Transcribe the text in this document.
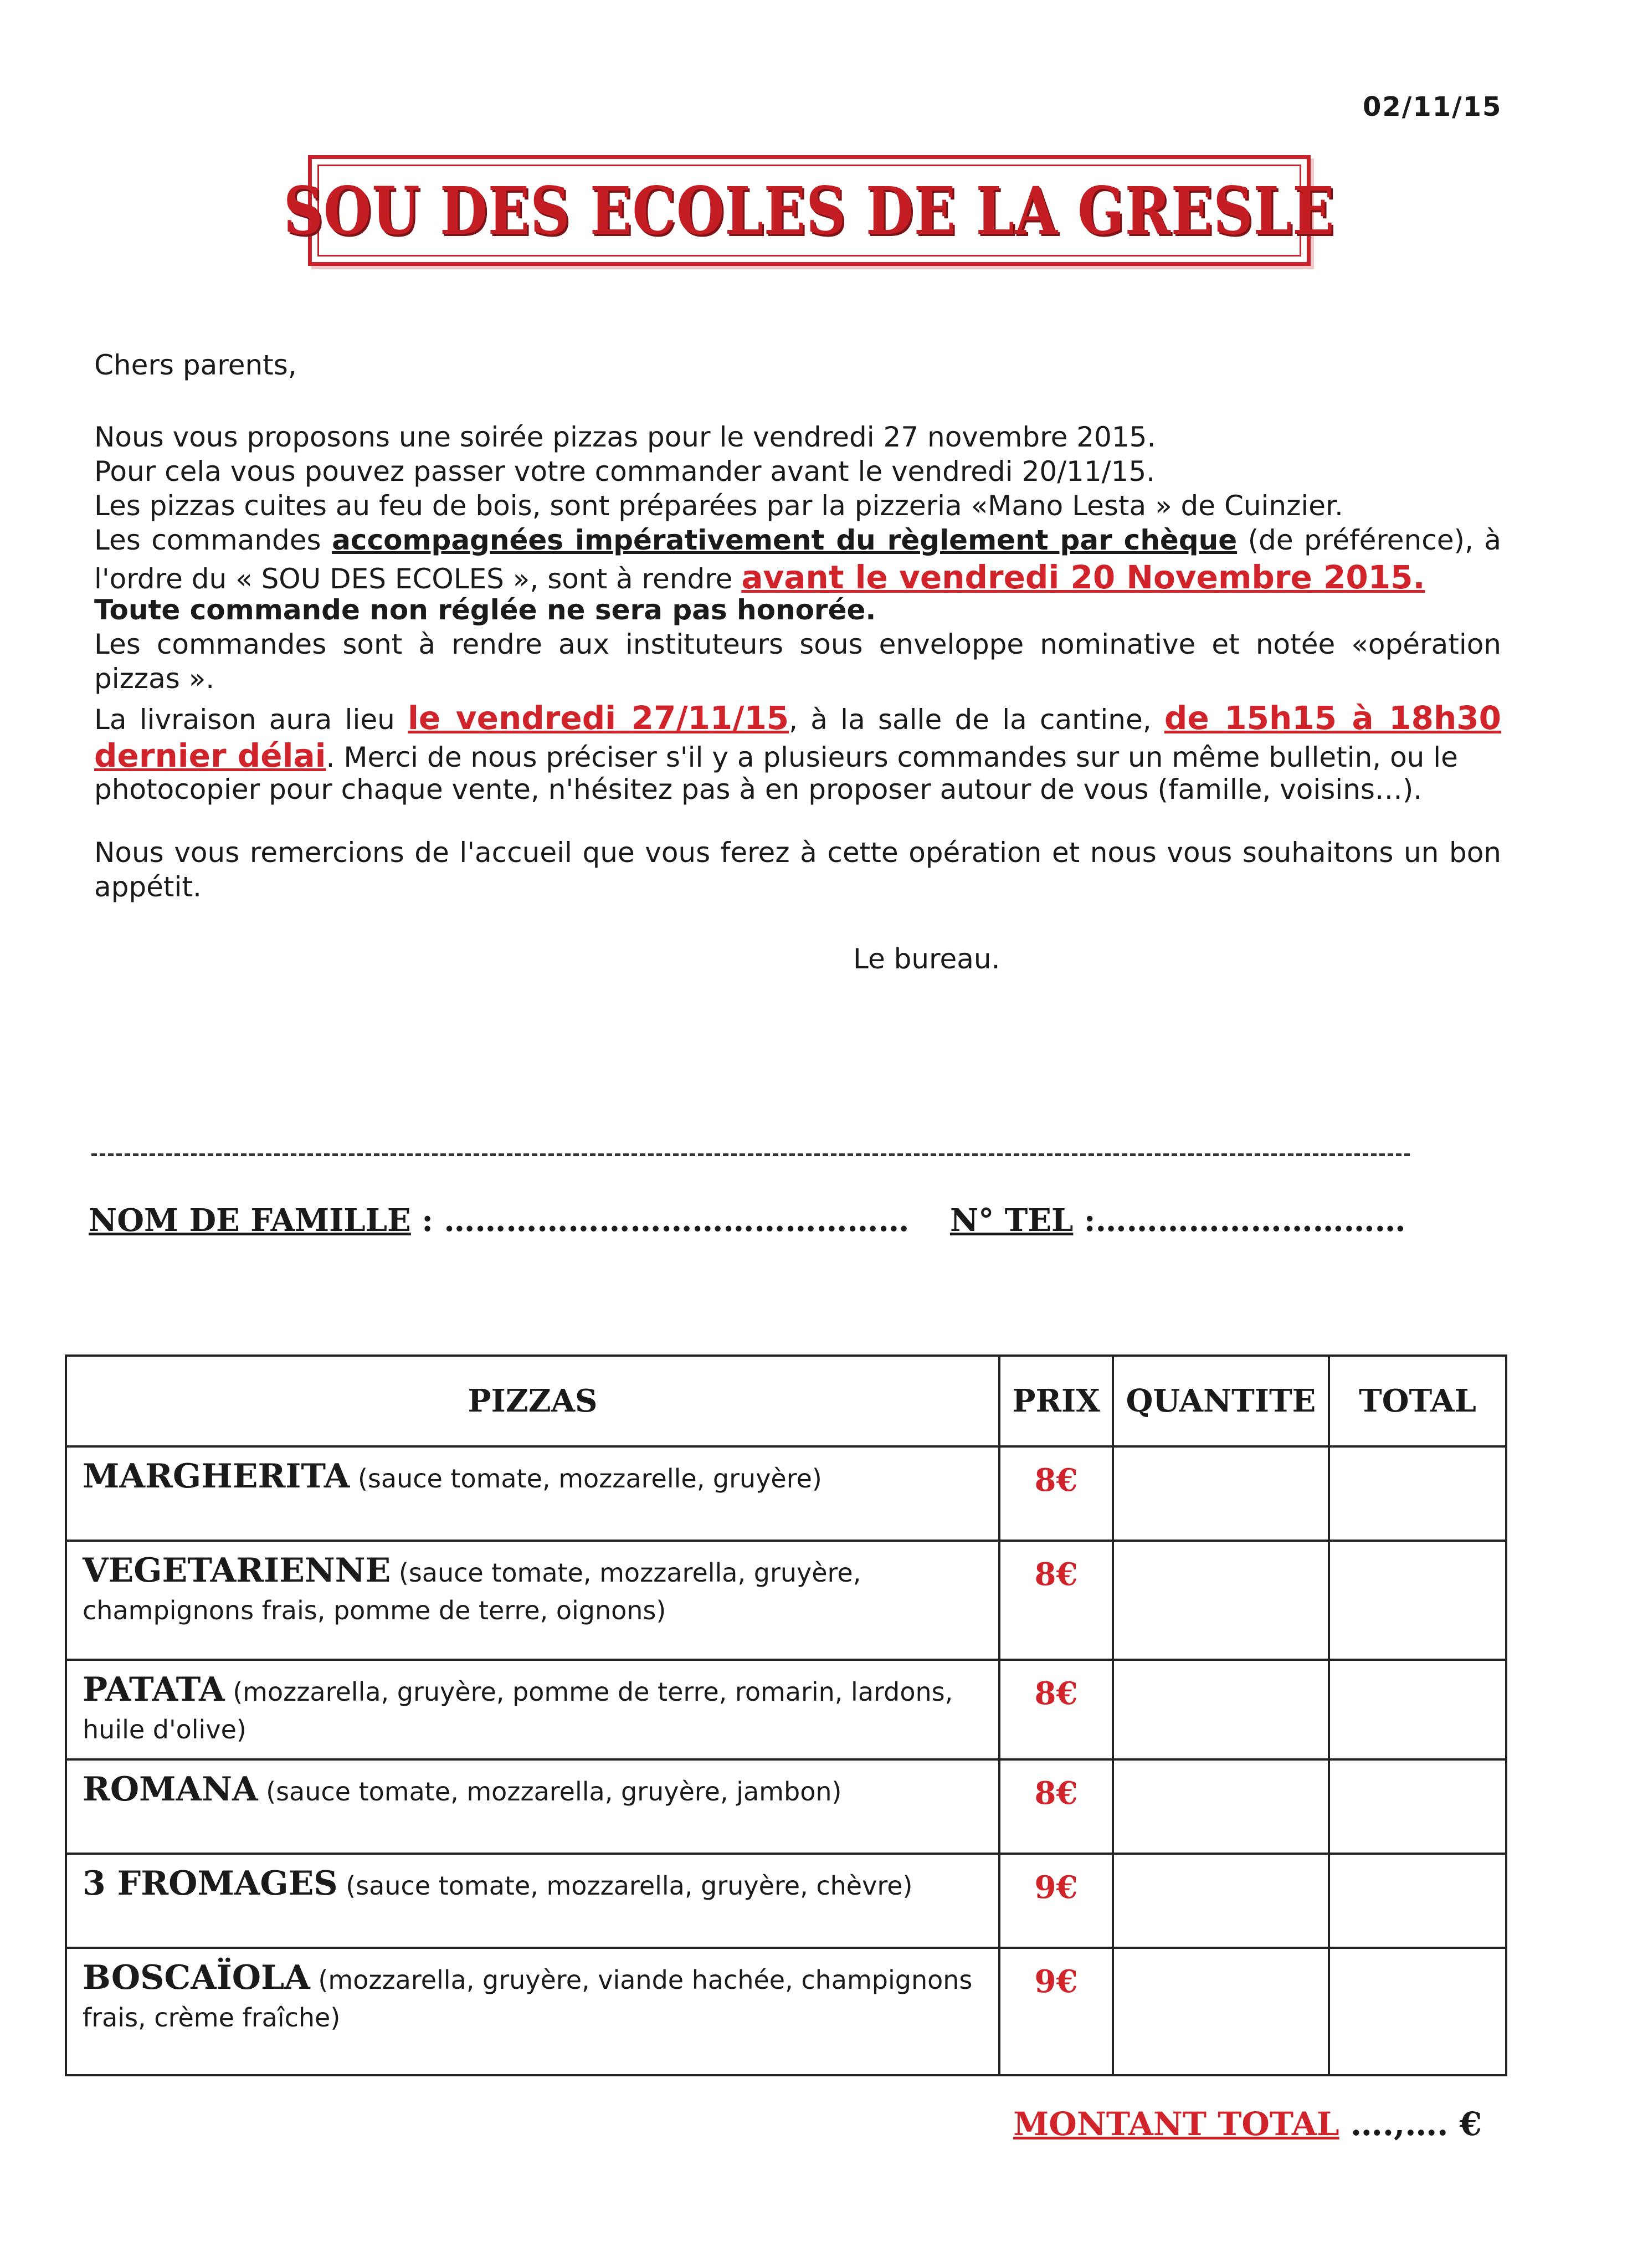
02/11/15
SOU DES ECOLES DE LA GRESLE
Chers parents,
Nous vous proposons une soirée pizzas pour le vendredi 27 novembre 2015.
Pour cela vous pouvez passer votre commander avant le vendredi 20/11/15.
Les pizzas cuites au feu de bois, sont préparées par la pizzeria «Mano Lesta » de Cuinzier.
Les commandes accompagnées impérativement du règlement par chèque (de préférence), à
l'ordre du « SOU DES ECOLES », sont à rendre avant le vendredi 20 Novembre 2015.
Toute commande non réglée ne sera pas honorée.
Les commandes sont à rendre aux instituteurs sous enveloppe nominative et notée «opération
pizzas ».
La livraison aura lieu le vendredi 27/11/15, à la salle de la cantine, de 15h15 à 18h30
dernier délai. Merci de nous préciser s'il y a plusieurs commandes sur un même bulletin, ou le
photocopier pour chaque vente, n'hésitez pas à en proposer autour de vous (famille, voisins…).
Nous vous remercions de l'accueil que vous ferez à cette opération et nous vous souhaitons un bon
appétit.
Le bureau.
NOM DE FAMILLE : ……………………………………… N° TEL :…………………………
PIZZAS	PRIX	QUANTITE	TOTAL
MARGHERITA (sauce tomate, mozzarelle, gruyère)	8€		
VEGETARIENNE (sauce tomate, mozzarella, gruyère, champignons frais, pomme de terre, oignons)	8€		
PATATA (mozzarella, gruyère, pomme de terre, romarin, lardons, huile d'olive)	8€		
ROMANA (sauce tomate, mozzarella, gruyère, jambon)	8€		
3 FROMAGES (sauce tomate, mozzarella, gruyère, chèvre)	9€		
BOSCAÏOLA (mozzarella, gruyère, viande hachée, champignons frais, crème fraîche)	9€		
MONTANT TOTAL ….,…. €
